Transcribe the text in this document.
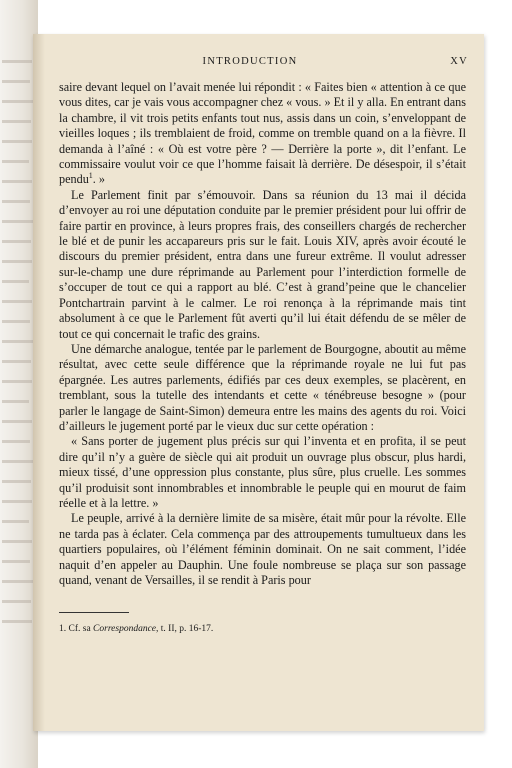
INTRODUCTION	XV

saire devant lequel on l’avait menée lui répondit : « Faites bien « attention à ce que vous dites, car je vais vous accompagner chez « vous. » Et il y alla. En entrant dans la chambre, il vit trois petits enfants tout nus, assis dans un coin, s’enveloppant de vieilles loques ; ils tremblaient de froid, comme on tremble quand on a la fièvre. Il demanda à l’aîné : « Où est votre père ? — Derrière la porte », dit l’enfant. Le commissaire voulut voir ce que l’homme faisait là derrière. De désespoir, il s’était pendu$^1$. »

Le Parlement finit par s’émouvoir. Dans sa réunion du 13 mai il décida d’envoyer au roi une députation conduite par le premier président pour lui offrir de faire partir en province, à leurs propres frais, des conseillers chargés de rechercher le blé et de punir les accapareurs pris sur le fait. Louis XIV, après avoir écouté le discours du premier président, entra dans une fureur extrême. Il voulut adresser sur-le-champ une dure réprimande au Parlement pour l’interdiction formelle de s’occuper de tout ce qui a rapport au blé. C’est à grand’peine que le chancelier Pontchartrain parvint à le calmer. Le roi renonça à la réprimande mais tint absolument à ce que le Parlement fût averti qu’il lui était défendu de se mêler de tout ce qui concernait le trafic des grains.

Une démarche analogue, tentée par le parlement de Bourgogne, aboutit au même résultat, avec cette seule différence que la réprimande royale ne lui fut pas épargnée. Les autres parlements, édifiés par ces deux exemples, se placèrent, en tremblant, sous la tutelle des intendants et cette « ténébreuse besogne » (pour parler le langage de Saint-Simon) demeura entre les mains des agents du roi. Voici d’ailleurs le jugement porté par le vieux duc sur cette opération :

« Sans porter de jugement plus précis sur qui l’inventa et en profita, il se peut dire qu’il n’y a guère de siècle qui ait produit un ouvrage plus obscur, plus hardi, mieux tissé, d’une oppression plus constante, plus sûre, plus cruelle. Les sommes qu’il produisit sont innombrables et innombrable le peuple qui en mourut de faim réelle et à la lettre. »

Le peuple, arrivé à la dernière limite de sa misère, était mûr pour la révolte. Elle ne tarda pas à éclater. Cela commença par des attroupements tumultueux dans les quartiers populaires, où l’élément féminin dominait. On ne sait comment, l’idée naquit d’en appeler au Dauphin. Une foule nombreuse se plaça sur son passage quand, venant de Versailles, il se rendit à Paris pour

1. Cf. sa Correspondance, t. II, p. 16-17.
